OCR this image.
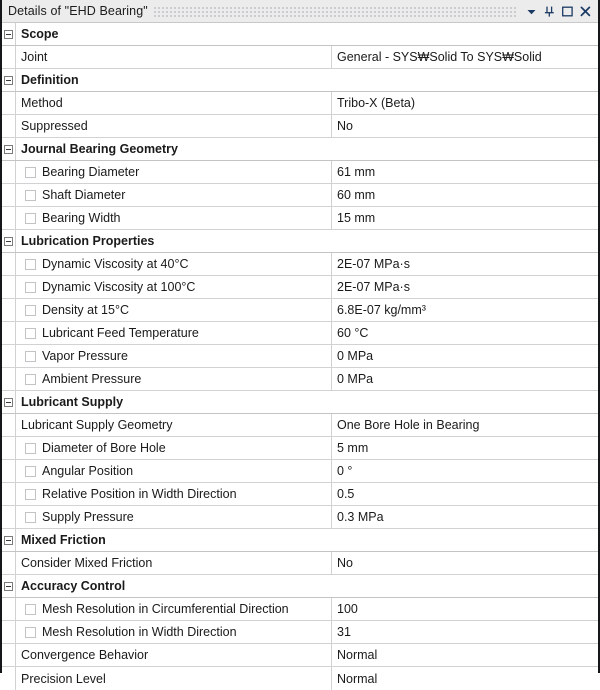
Details of "EHD Bearing"
Scope
Joint	General - SYS₩Solid To SYS₩Solid
Definition
Method	Tribo-X (Beta)
Suppressed	No
Journal Bearing Geometry
Bearing Diameter	61 mm
Shaft Diameter	60 mm
Bearing Width	15 mm
Lubrication Properties
Dynamic Viscosity at 40°C	2E-07 MPa·s
Dynamic Viscosity at 100°C	2E-07 MPa·s
Density at 15°C	6.8E-07 kg/mm³
Lubricant Feed Temperature	60 °C
Vapor Pressure	0 MPa
Ambient Pressure	0 MPa
Lubricant Supply
Lubricant Supply Geometry	One Bore Hole in Bearing
Diameter of Bore Hole	5 mm
Angular Position	0 °
Relative Position in Width Direction	0.5
Supply Pressure	0.3 MPa
Mixed Friction
Consider Mixed Friction	No
Accuracy Control
Mesh Resolution in Circumferential Direction	100
Mesh Resolution in Width Direction	31
Convergence Behavior	Normal
Precision Level	Normal
